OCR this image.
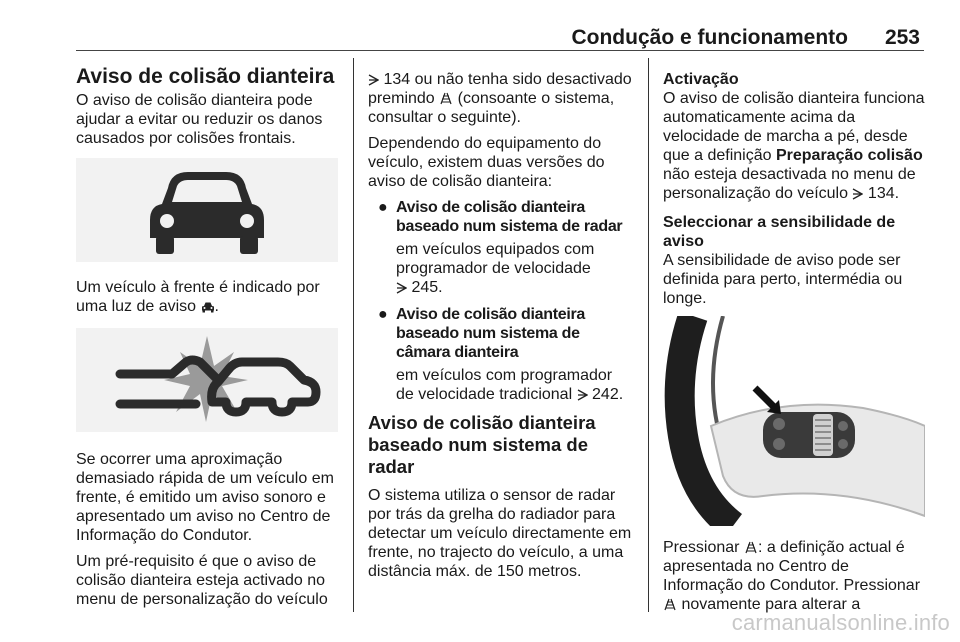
Condução e funcionamento 253
Aviso de colisão dianteira

O aviso de colisão dianteira pode ajudar a evitar ou reduzir os danos causados por colisões frontais.

Um veículo à frente é indicado por uma luz de aviso .

Se ocorrer uma aproximação demasiado rápida de um veículo em frente, é emitido um aviso sonoro e apresentado um aviso no Centro de Informação do Condutor.

Um pré-requisito é que o aviso de colisão dianteira esteja activado no menu de personalização do veículo

134 ou não tenha sido desactivado premindo (consoante o sistema, consultar o seguinte).

Dependendo do equipamento do veículo, existem duas versões do aviso de colisão dianteira:

● Aviso de colisão dianteira baseado num sistema de radar
em veículos equipados com programador de velocidade
245.
● Aviso de colisão dianteira baseado num sistema de câmara dianteira
em veículos com programador de velocidade tradicional 242.
Aviso de colisão dianteira baseado num sistema de radar

O sistema utiliza o sensor de radar por trás da grelha do radiador para detectar um veículo directamente em frente, no trajecto do veículo, a uma distância máx. de 150 metros.

Activação

O aviso de colisão dianteira funciona automaticamente acima da velocidade de marcha a pé, desde que a definição Preparação colisão não esteja desactivada no menu de personalização do veículo 134.

Seleccionar a sensibilidade de aviso

A sensibilidade de aviso pode ser definida para perto, intermédia ou longe.

Pressionar : a definição actual é apresentada no Centro de Informação do Condutor. Pressionar  novamente para alterar a

carmanualsonline.info
